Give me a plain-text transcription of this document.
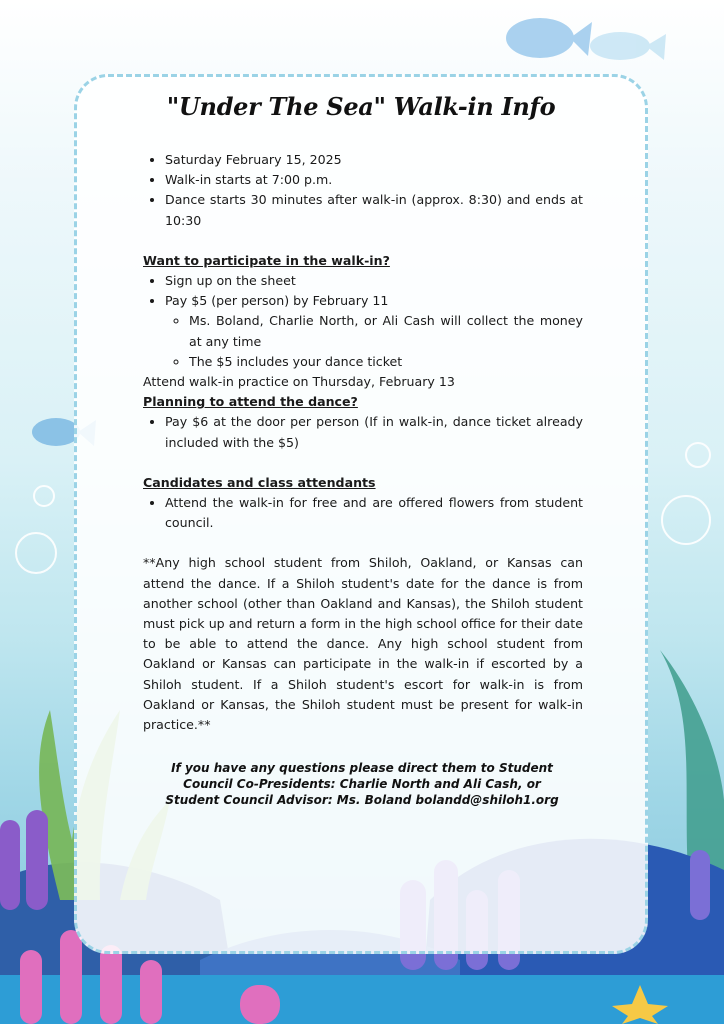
"Under The Sea" Walk-in Info
• Saturday February 15, 2025
• Walk-in starts at 7:00 p.m.
• Dance starts 30 minutes after walk-in (approx. 8:30) and ends at 10:30
Want to participate in the walk-in?
• Sign up on the sheet
• Pay $5 (per person) by February 11
◦ Ms. Boland, Charlie North, or Ali Cash will collect the money at any time
◦ The $5 includes your dance ticket
Attend walk-in practice on Thursday, February 13
Planning to attend the dance?
• Pay $6 at the door per person (If in walk-in, dance ticket already included with the $5)
Candidates and class attendants
• Attend the walk-in for free and are offered flowers from student council.
**Any high school student from Shiloh, Oakland, or Kansas can attend the dance. If a Shiloh student's date for the dance is from another school (other than Oakland and Kansas), the Shiloh student must pick up and return a form in the high school office for their date to be able to attend the dance. Any high school student from Oakland or Kansas can participate in the walk-in if escorted by a Shiloh student. If a Shiloh student's escort for walk-in is from Oakland or Kansas, the Shiloh student must be present for walk-in practice.**
If you have any questions please direct them to Student
Council Co-Presidents: Charlie North and Ali Cash, or
Student Council Advisor: Ms. Boland bolandd@shiloh1.org
